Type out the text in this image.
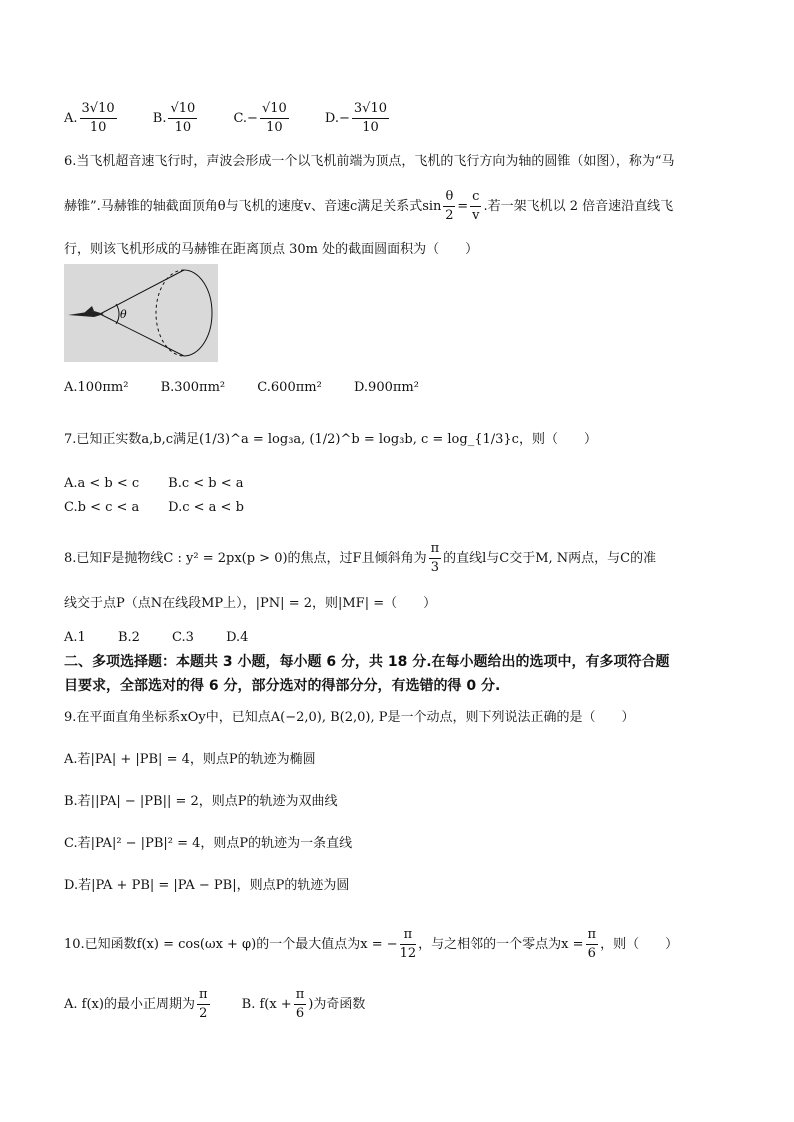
A. $\frac{3√10}{10}$	B. $\frac{√10}{10}$	$C.- \frac{√10}{10}$	$D.- \frac{3√10}{10}$
6.当飞机超音速飞行时，声波会形成一个以飞机前端为顶点，飞机的飞行方向为轴的圆锥（如图），称为“马
赫锥”.马赫锥的轴截面顶角θ与飞机的速度v、音速c满足关系式$\sin \frac{\theta}{2} = \frac{c}{v}$ .若一架飞机以 2 倍音速沿直线飞
行，则该飞机形成的马赫锥在距离顶点 30m 处的截面圆面积为（　　）
θ
A.100πm² B.300πm² C.600πm² D.900πm²
7.已知正实数a,b,c满足(1/3)^a = log₃a, (1/2)^b = log₃b, c = log_{1/3}c，则（　　）
A.a < b < c B.c < b < a
C.b < c < a D.c < a < b
8.已知F是抛物线C : y² = 2px(p > 0)的焦点，过F且倾斜角为 $\frac{\pi}{3}$ 的直线l与C交于M, N两点，与C的准
线交于点P（点N在线段MP上），|PN| = 2，则|MF| =（　　）
A.1 B.2 C.3 D.4
二、多项选择题：本题共 3 小题，每小题 6 分，共 18 分.在每小题给出的选项中，有多项符合题
目要求，全部选对的得 6 分，部分选对的得部分分，有选错的得 0 分.
9.在平面直角坐标系xOy中，已知点A(−2,0), B(2,0), P是一个动点，则下列说法正确的是（　　）
A.若|PA| + |PB| = 4，则点P的轨迹为椭圆
B.若||PA| − |PB|| = 2，则点P的轨迹为双曲线
C.若|PA|² − |PB|² = 4，则点P的轨迹为一条直线
D.若|PA + PB| = |PA − PB|，则点P的轨迹为圆
10.已知函数f(x) = cos(ωx + φ)的一个最大值点为x = − $\frac{\pi}{12}$ ，与之相邻的一个零点为$x = \frac{\pi}{6}$ ，则（　　）
A. f(x)的最小正周期为 $\frac{\pi}{2} B$. $f(x + \frac{\pi}{6}$ )为奇函数
